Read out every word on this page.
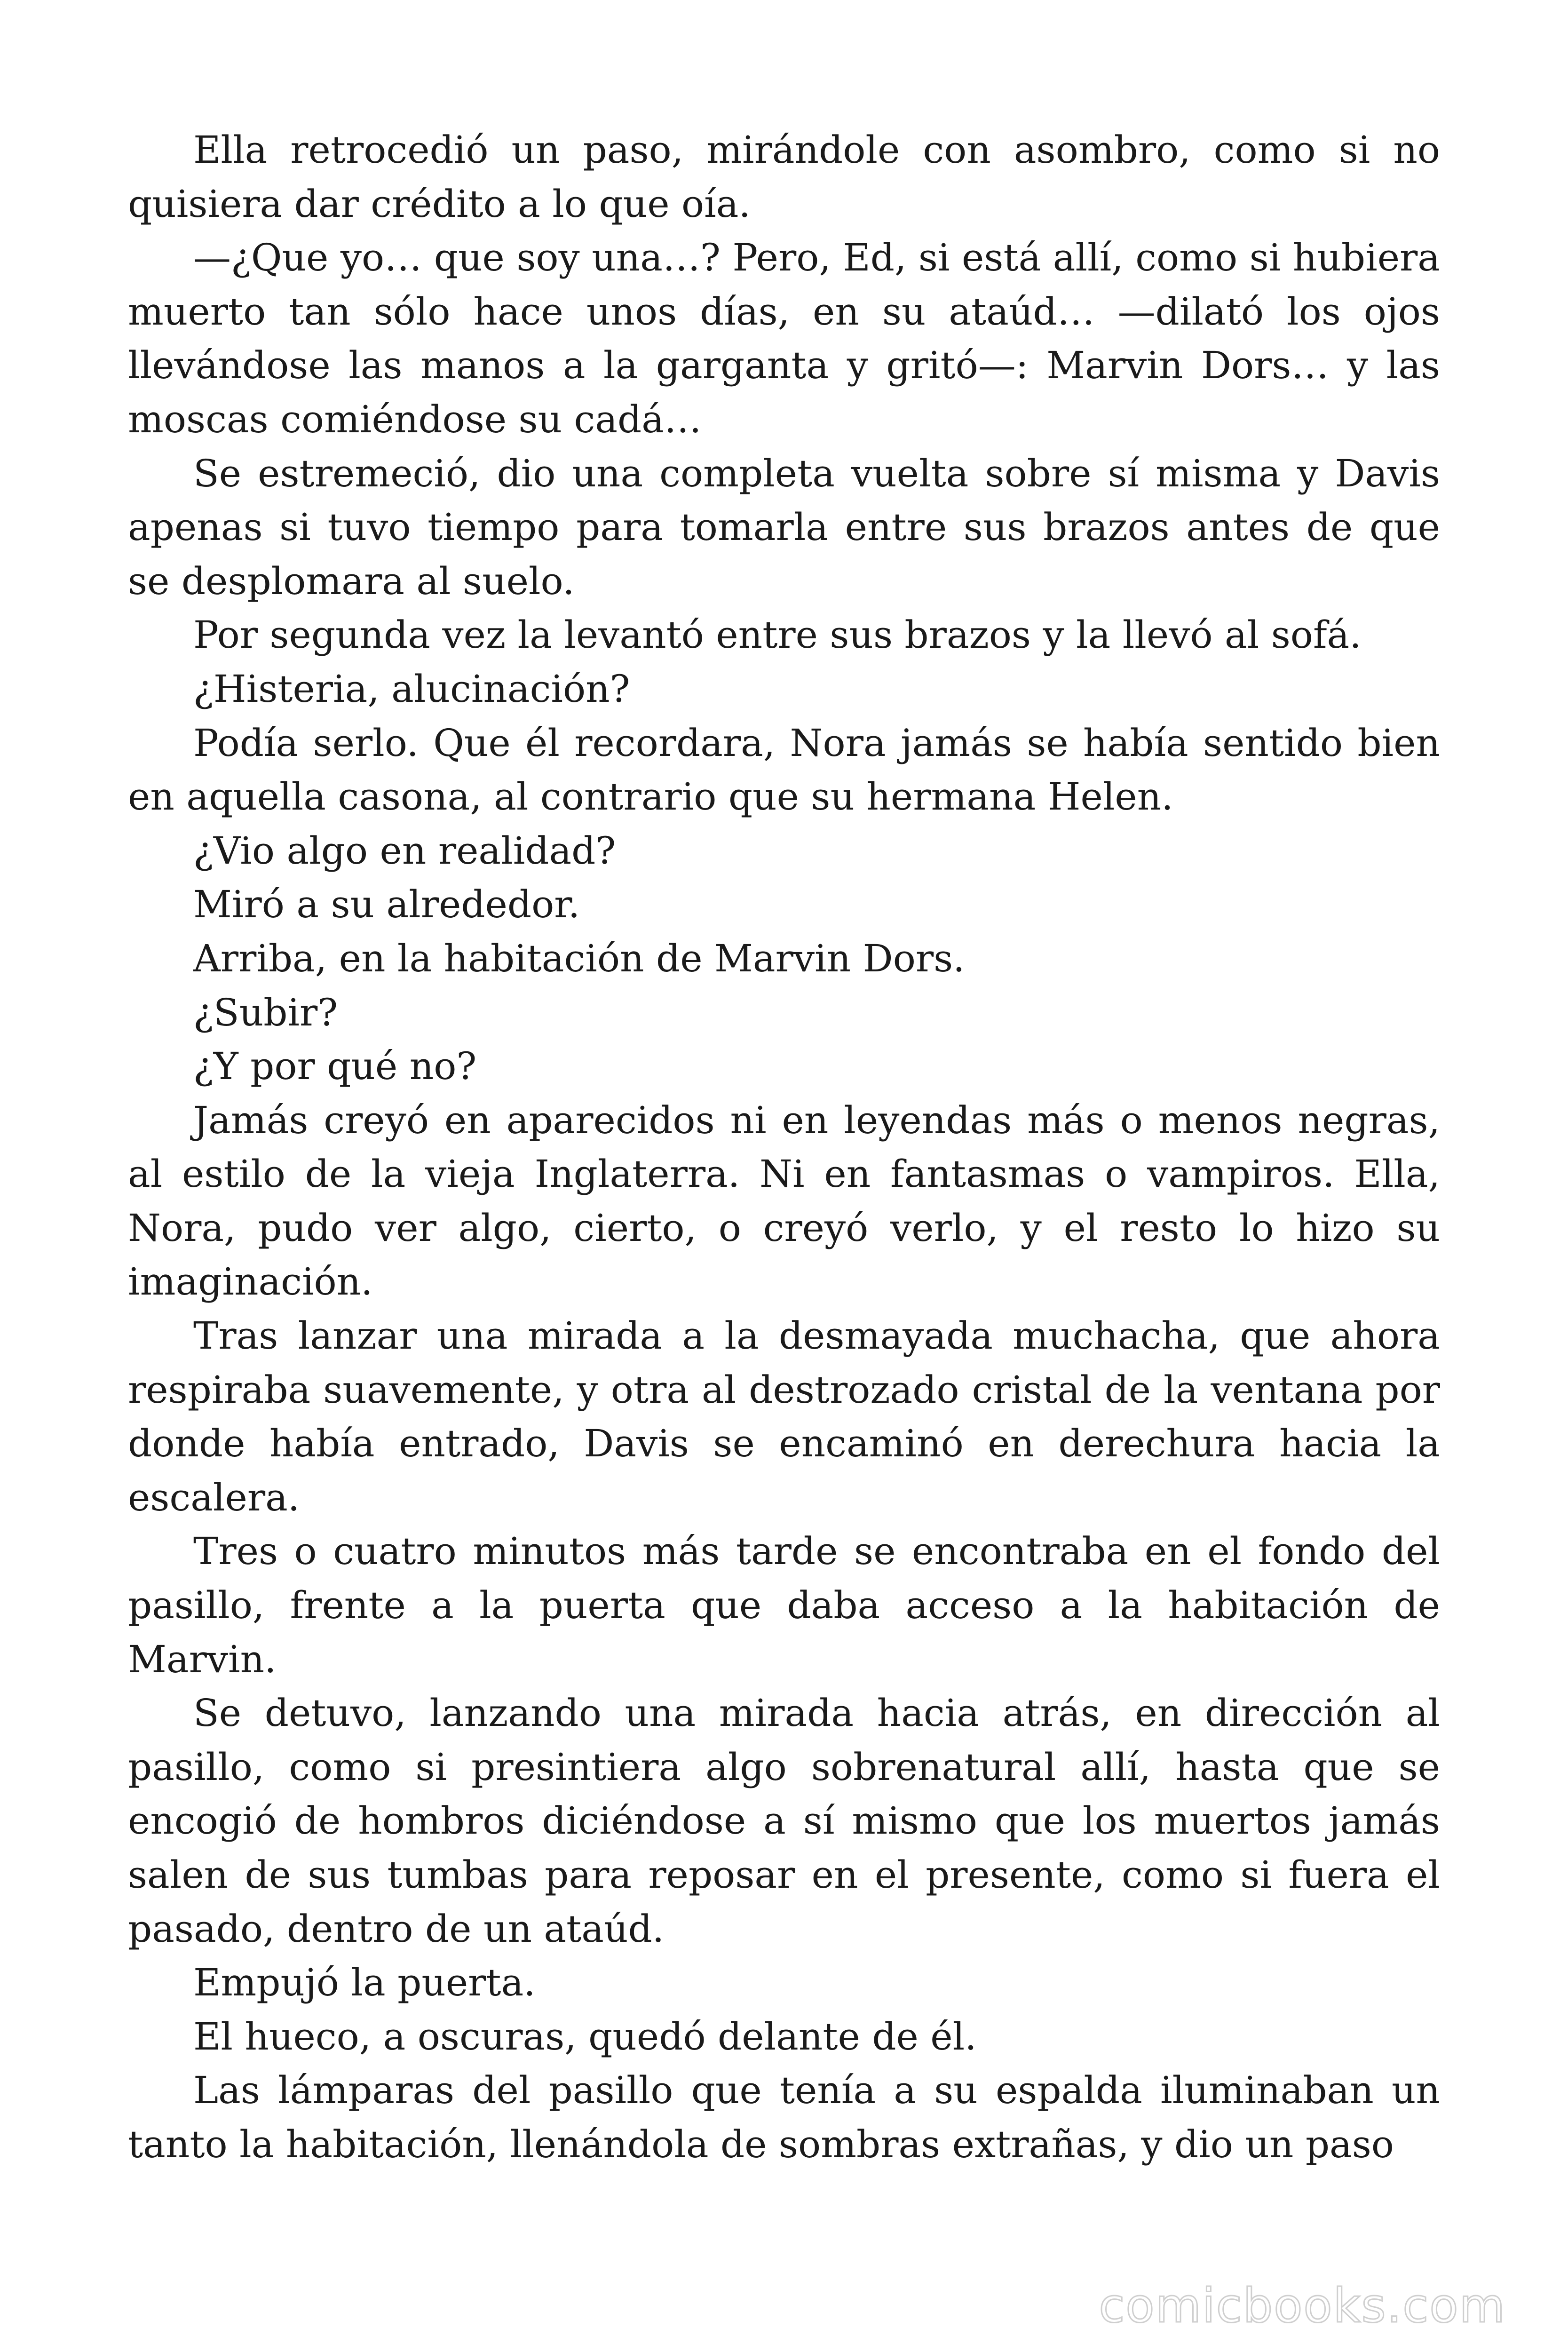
Ella retrocedió un paso, mirándole con asombro, como si no quisiera dar crédito a lo que oía.

—¿Que yo… que soy una…? Pero, Ed, si está allí, como si hubiera muerto tan sólo hace unos días, en su ataúd… —dilató los ojos llevándose las manos a la garganta y gritó—: Marvin Dors… y las moscas comiéndose su cadá…

Se estremeció, dio una completa vuelta sobre sí misma y Davis apenas si tuvo tiempo para tomarla entre sus brazos antes de que se desplomara al suelo.

Por segunda vez la levantó entre sus brazos y la llevó al sofá.

¿Histeria, alucinación?

Podía serlo. Que él recordara, Nora jamás se había sentido bien en aquella casona, al contrario que su hermana Helen.

¿Vio algo en realidad?

Miró a su alrededor.

Arriba, en la habitación de Marvin Dors.

¿Subir?

¿Y por qué no?

Jamás creyó en aparecidos ni en leyendas más o menos negras, al estilo de la vieja Inglaterra. Ni en fantasmas o vampiros. Ella, Nora, pudo ver algo, cierto, o creyó verlo, y el resto lo hizo su imaginación.

Tras lanzar una mirada a la desmayada muchacha, que ahora respiraba suavemente, y otra al destrozado cristal de la ventana por donde había entrado, Davis se encaminó en derechura hacia la escalera.

Tres o cuatro minutos más tarde se encontraba en el fondo del pasillo, frente a la puerta que daba acceso a la habitación de Marvin.

Se detuvo, lanzando una mirada hacia atrás, en dirección al pasillo, como si presintiera algo sobrenatural allí, hasta que se encogió de hombros diciéndose a sí mismo que los muertos jamás salen de sus tumbas para reposar en el presente, como si fuera el pasado, dentro de un ataúd.

Empujó la puerta.

El hueco, a oscuras, quedó delante de él.

Las lámparas del pasillo que tenía a su espalda iluminaban un tanto la habitación, llenándola de sombras extrañas, y dio un paso

comicbooks.com
